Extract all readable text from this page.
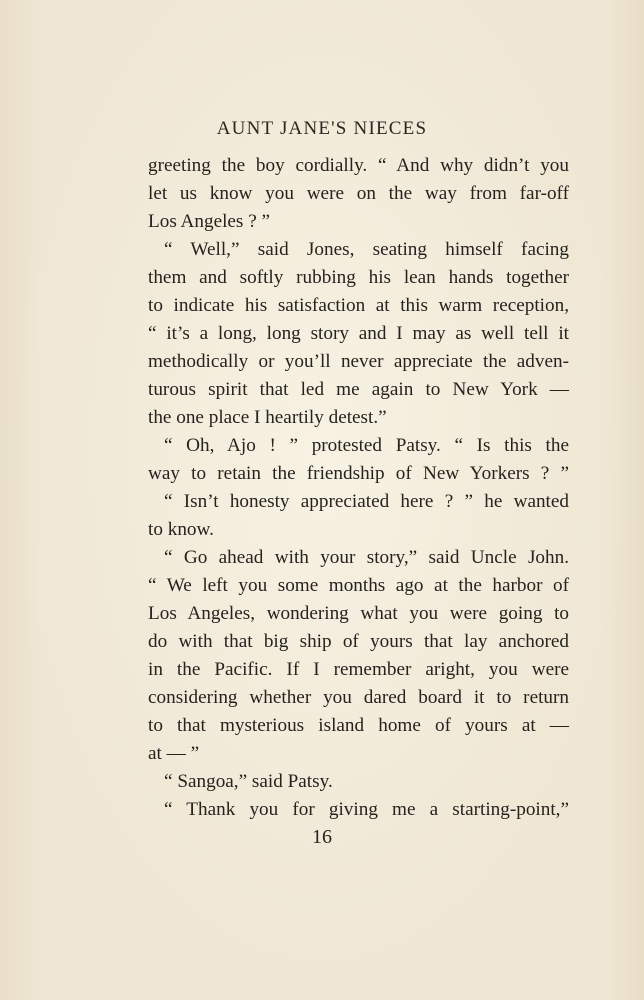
AUNT JANE'S NIECES
greeting the boy cordially. “ And why didn’t you
let us know you were on the way from far-off
Los Angeles ? ”
“ Well,” said Jones, seating himself facing
them and softly rubbing his lean hands together
to indicate his satisfaction at this warm reception,
“ it’s a long, long story and I may as well tell it
methodically or you’ll never appreciate the adven-
turous spirit that led me again to New York —
the one place I heartily detest.”
“ Oh, Ajo ! ” protested Patsy. “ Is this the
way to retain the friendship of New Yorkers ? ”
“ Isn’t honesty appreciated here ? ” he wanted
to know.
“ Go ahead with your story,” said Uncle John.
“ We left you some months ago at the harbor of
Los Angeles, wondering what you were going to
do with that big ship of yours that lay anchored
in the Pacific. If I remember aright, you were
considering whether you dared board it to return
to that mysterious island home of yours at —
at — ”
“ Sangoa,” said Patsy.
“ Thank you for giving me a starting-point,”
16
